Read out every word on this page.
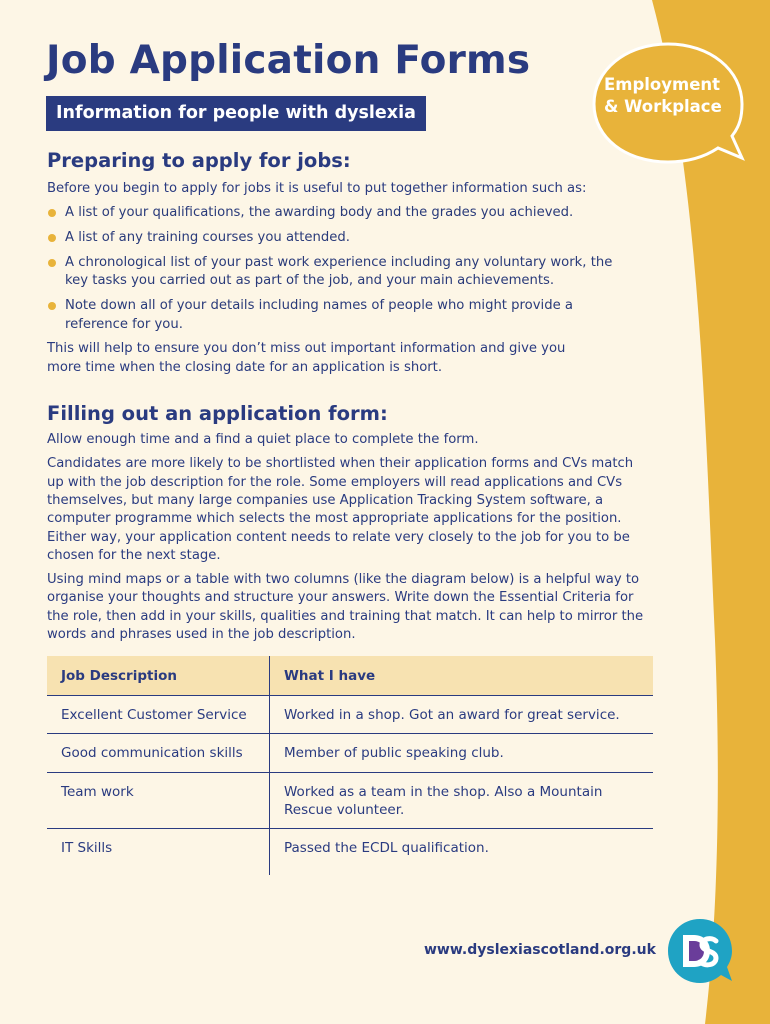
Job Application Forms
Information for people with dyslexia
Employment
& Workplace
Preparing to apply for jobs:

Before you begin to apply for jobs it is useful to put together information such as:

A list of your qualifications, the awarding body and the grades you achieved.
A list of any training courses you attended.
A chronological list of your past work experience including any voluntary work, the key tasks you carried out as part of the job, and your main achievements.
Note down all of your details including names of people who might provide a reference for you.

This will help to ensure you don’t miss out important information and give you more time when the closing date for an application is short.

Filling out an application form:

Allow enough time and a find a quiet place to complete the form.

Candidates are more likely to be shortlisted when their application forms and CVs match up with the job description for the role. Some employers will read applications and CVs themselves, but many large companies use Application Tracking System software, a computer programme which selects the most appropriate applications for the position. Either way, your application content needs to relate very closely to the job for you to be chosen for the next stage.

Using mind maps or a table with two columns (like the diagram below) is a helpful way to organise your thoughts and structure your answers. Write down the Essential Criteria for the role, then add in your skills, qualities and training that match. It can help to mirror the words and phrases used in the job description.

Job Description	What I have
Excellent Customer Service	Worked in a shop. Got an award for great service.
Good communication skills	Member of public speaking club.
Team work	Worked as a team in the shop. Also a Mountain Rescue volunteer.
IT Skills	Passed the ECDL qualification.
www.dyslexiascotland.org.uk
